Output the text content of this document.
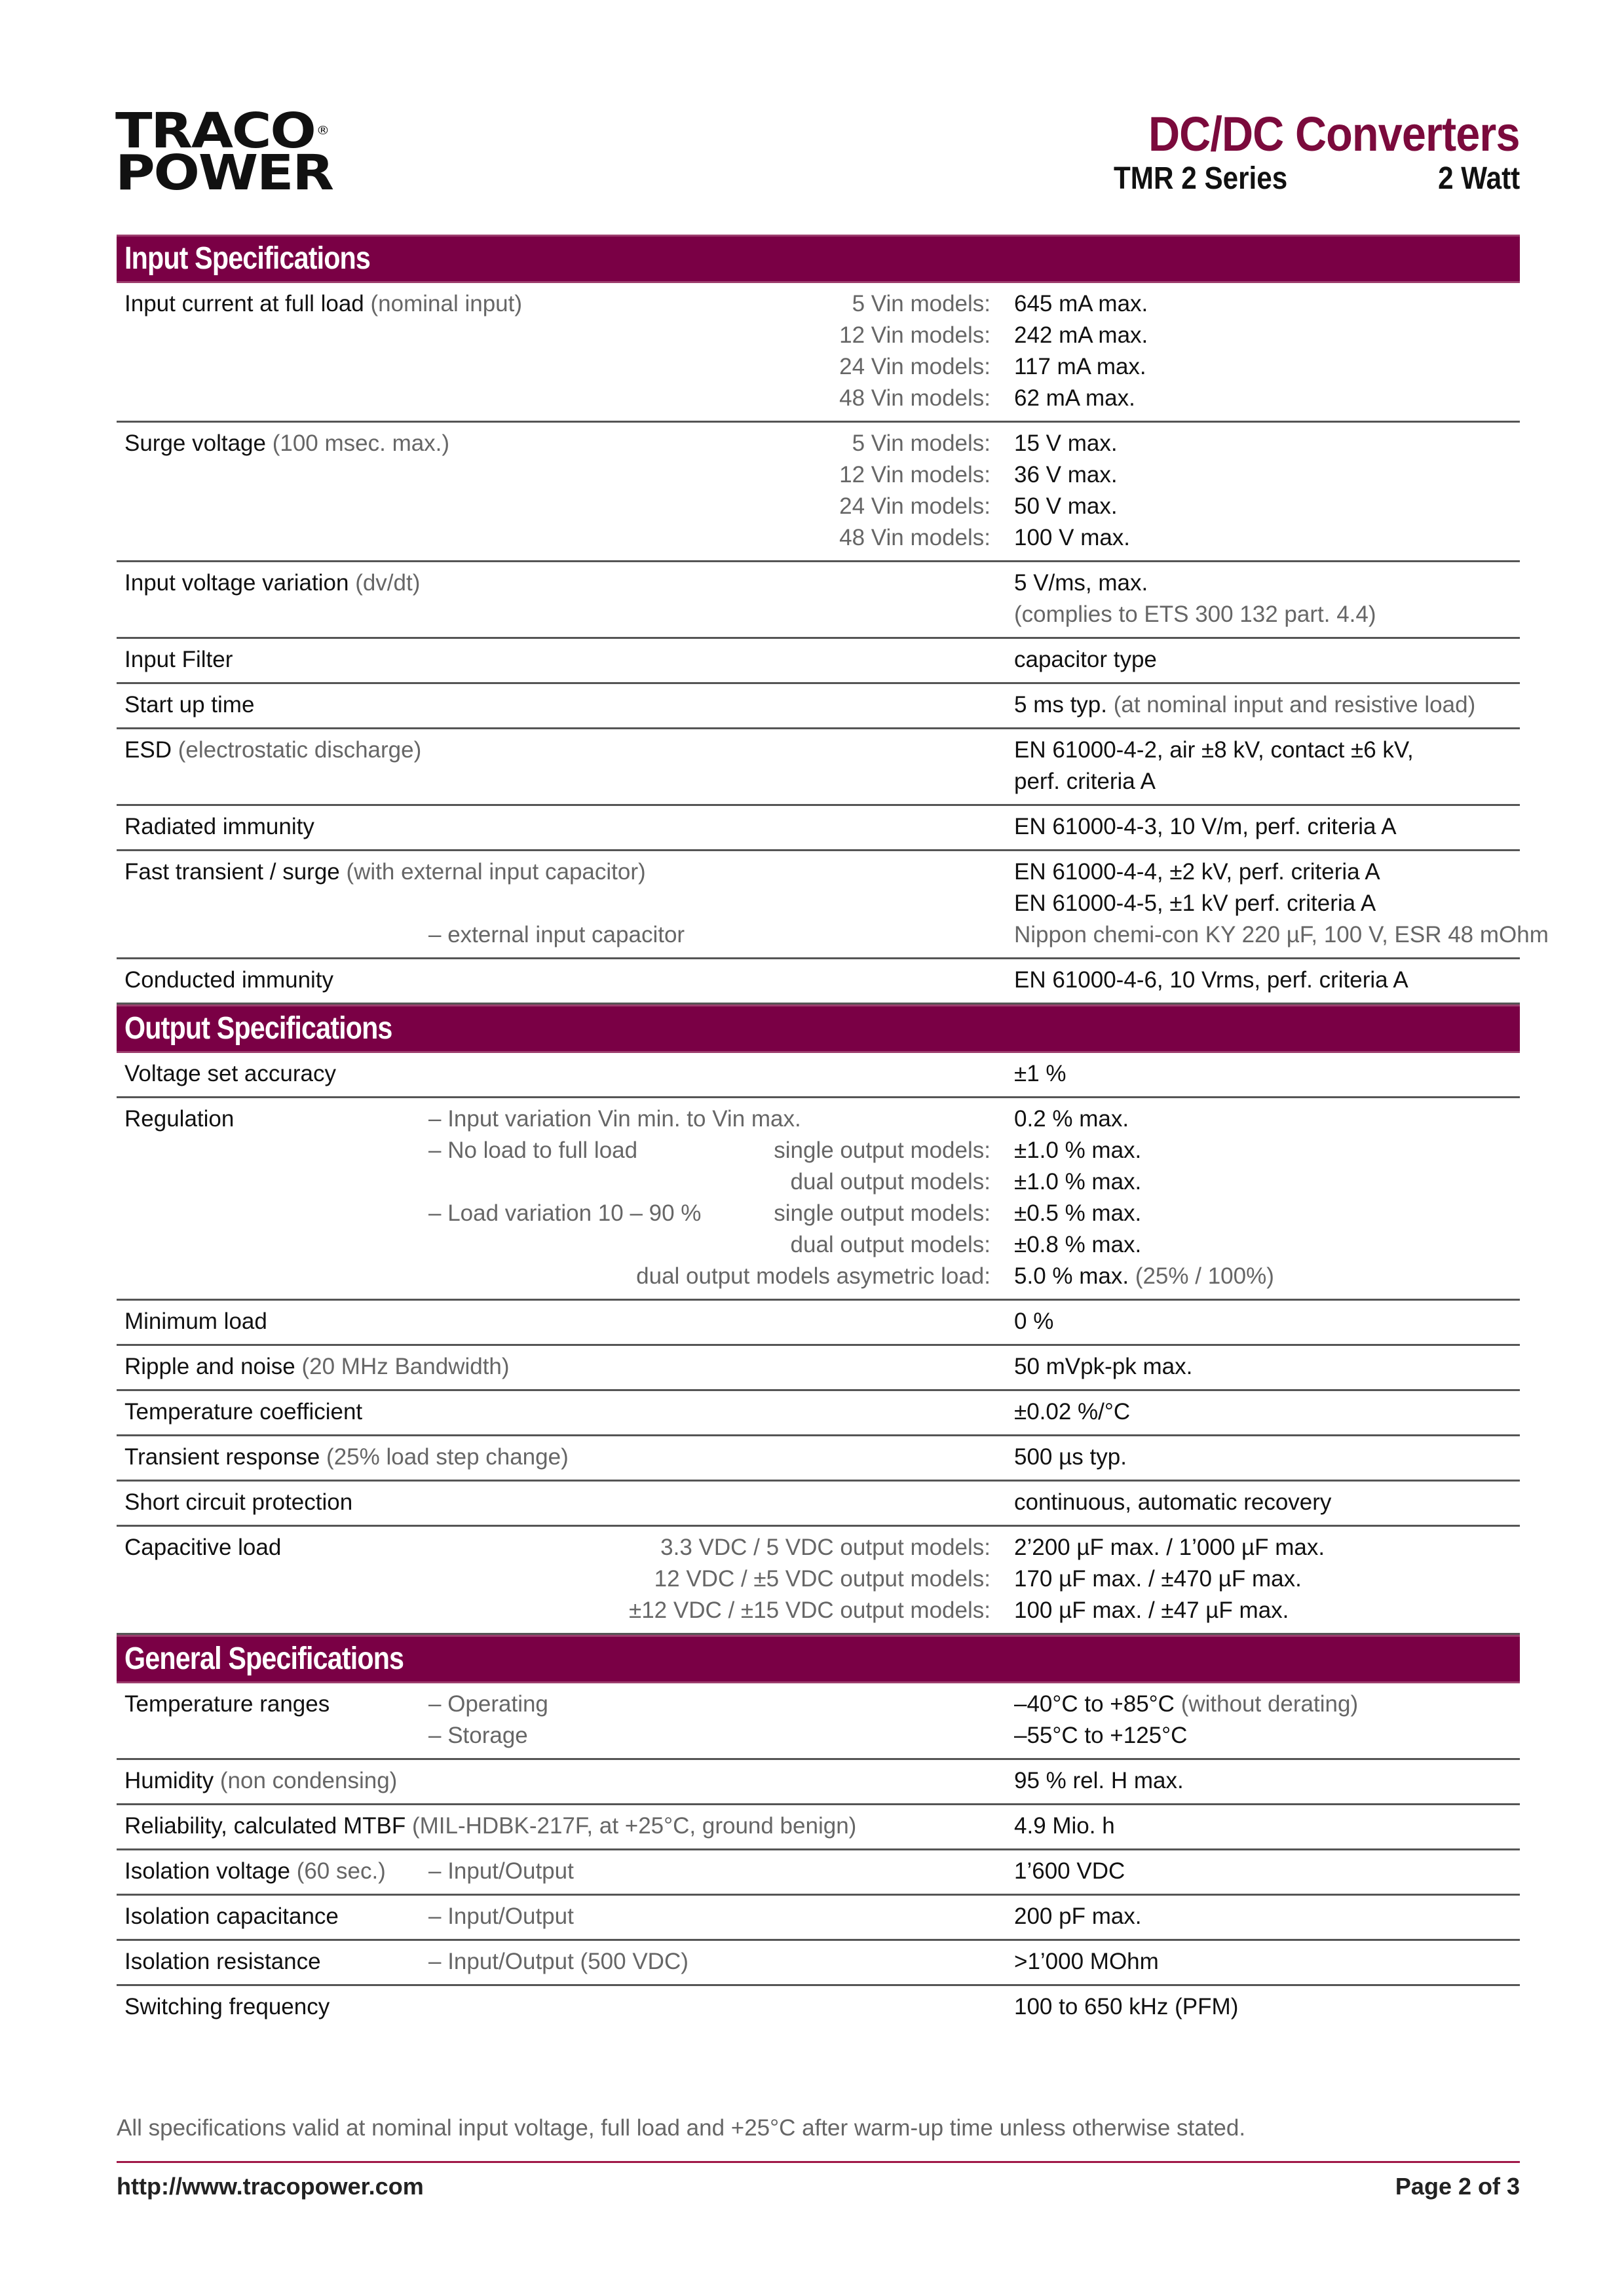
TRACO ®
POWER
DC/DC Converters
TMR 2 Series	2 Watt
Input Specifications
Input current at full load (nominal input)	5 Vin models: 645 mA max.
12 Vin models: 242 mA max.
24 Vin models: 117 mA max.
48 Vin models: 62 mA max.
Surge voltage (100 msec. max.)	5 Vin models: 15 V max.
12 Vin models: 36 V max.
24 Vin models: 50 V max.
48 Vin models: 100 V max.
Input voltage variation (dv/dt)	5 V/ms, max.
(complies to ETS 300 132 part. 4.4)
Input Filter	capacitor type
Start up time	5 ms typ. (at nominal input and resistive load)
ESD (electrostatic discharge)	EN 61000-4-2, air ±8 kV, contact ±6 kV,
perf. criteria A
Radiated immunity	EN 61000-4-3, 10 V/m, perf. criteria A
Fast transient / surge (with external input capacitor)	EN 61000-4-4, ±2 kV, perf. criteria A
EN 61000-4-5, ±1 kV perf. criteria A
– external input capacitor	Nippon chemi-con KY 220 µF, 100 V, ESR 48 mOhm
Conducted immunity	EN 61000-4-6, 10 Vrms, perf. criteria A
Output Specifications
Voltage set accuracy	±1 %
Regulation	– Input variation Vin min. to Vin max.	0.2 % max.
– No load to full load	single output models: ±1.0 % max.
dual output models: ±1.0 % max.
– Load variation 10 – 90 %	single output models: ±0.5 % max.
dual output models: ±0.8 % max.
dual output models asymetric load: 5.0 % max. (25% / 100%)
Minimum load	0 %
Ripple and noise (20 MHz Bandwidth)	50 mVpk-pk max.
Temperature coefficient	±0.02 %/°C
Transient response (25% load step change)	500 µs typ.
Short circuit protection	continuous, automatic recovery
Capacitive load	3.3 VDC / 5 VDC output models: 2’200 µF max. / 1’000 µF max.
12 VDC / ±5 VDC output models: 170 µF max. / ±470 µF max.
±12 VDC / ±15 VDC output models: 100 µF max. / ±47 µF max.
General Specifications
Temperature ranges	– Operating	–40°C to +85°C (without derating)
– Storage	–55°C to +125°C
Humidity (non condensing)	95 % rel. H max.
Reliability, calculated MTBF (MIL-HDBK-217F, at +25°C, ground benign)	4.9 Mio. h
Isolation voltage (60 sec.) – Input/Output	1’600 VDC
Isolation capacitance	– Input/Output	200 pF max.
Isolation resistance	– Input/Output (500 VDC)	>1’000 MOhm
Switching frequency	100 to 650 kHz (PFM)
All specifications valid at nominal input voltage, full load and +25°C after warm-up time unless otherwise stated.
http://www.tracopower.com	Page 2 of 3
